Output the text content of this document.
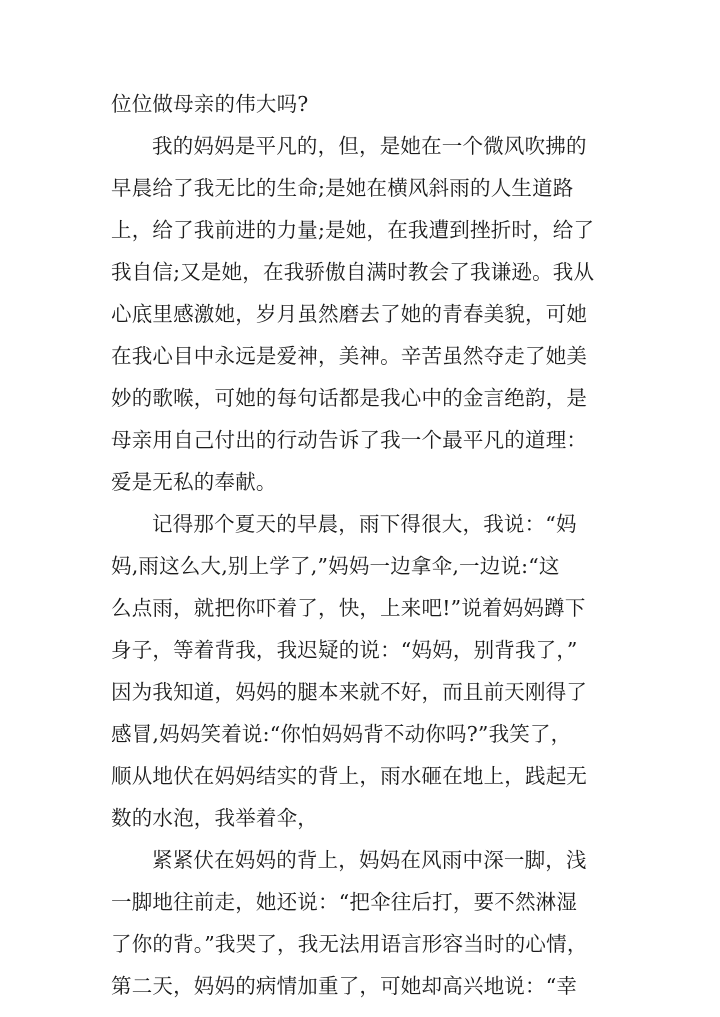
位位做母亲的伟大吗?
我的妈妈是平凡的，但，是她在一个微风吹拂的
早晨给了我无比的生命;是她在横风斜雨的人生道路
上，给了我前进的力量;是她，在我遭到挫折时，给了
我自信;又是她，在我骄傲自满时教会了我谦逊。我从
心底里感激她，岁月虽然磨去了她的青春美貌，可她
在我心目中永远是爱神，美神。辛苦虽然夺走了她美
妙的歌喉，可她的每句话都是我心中的金言绝韵，是
母亲用自己付出的行动告诉了我一个最平凡的道理：
爱是无私的奉献。
记得那个夏天的早晨，雨下得很大，我说：“妈
妈,雨这么大,别上学了,”妈妈一边拿伞,一边说:“这
么点雨，就把你吓着了，快，上来吧!”说着妈妈蹲下
身子，等着背我，我迟疑的说：“妈妈，别背我了，”
因为我知道，妈妈的腿本来就不好，而且前天刚得了
感冒,妈妈笑着说:“你怕妈妈背不动你吗?”我笑了，
顺从地伏在妈妈结实的背上，雨水砸在地上，践起无
数的水泡，我举着伞，
紧紧伏在妈妈的背上，妈妈在风雨中深一脚，浅
一脚地往前走，她还说：“把伞往后打，要不然淋湿
了你的背。”我哭了，我无法用语言形容当时的心情，
第二天，妈妈的病情加重了，可她却高兴地说：“幸
